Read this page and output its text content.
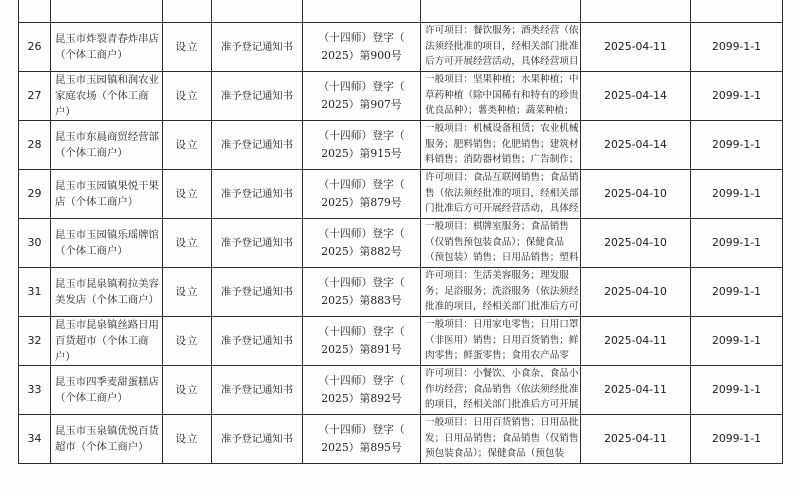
26	昆玉市炸裂青春炸串店
（个体工商户）	设立	准予登记通知书	（十四师）登字（
2025）第900号	许可项目：餐饮服务；酒类经营（依
法须经批准的项目，经相关部门批准
后方可开展经营活动，具体经营项目	2025-04-11	2099-1-1

27	昆玉市玉园镇和润农业
家庭农场（个体工商
户）	设立	准予登记通知书	（十四师）登字（
2025）第907号	一般项目：坚果种植；水果种植；中
草药种植（除中国稀有和特有的珍贵
优良品种）；薯类种植；蔬菜种植；	2025-04-14	2099-1-1

28	昆玉市东晨商贸经营部
（个体工商户）	设立	准予登记通知书	（十四师）登字（
2025）第915号	一般项目：机械设备租赁；农业机械
服务；肥料销售；化肥销售；建筑材
料销售；消防器材销售；广告制作；	2025-04-14	2099-1-1

29	昆玉市玉园镇果悦干果
店（个体工商户）	设立	准予登记通知书	（十四师）登字（
2025）第879号	许可项目：食品互联网销售；食品销
售（依法须经批准的项目，经相关部
门批准后方可开展经营活动，具体经	2025-04-10	2099-1-1

30	昆玉市玉园镇乐瑶牌馆
（个体工商户）	设立	准予登记通知书	（十四师）登字（
2025）第882号	一般项目：棋牌室服务；食品销售
（仅销售预包装食品）；保健食品
（预包装）销售；日用品销售；塑料	2025-04-10	2099-1-1

31	昆玉市昆泉镇莉拉美容
美发店（个体工商户）	设立	准予登记通知书	（十四师）登字（
2025）第883号	许可项目：生活美容服务；理发服
务；足浴服务；洗浴服务（依法须经
批准的项目，经相关部门批准后方可	2025-04-10	2099-1-1

32	昆玉市昆泉镇丝路日用
百货超市（个体工商
户）	设立	准予登记通知书	（十四师）登字（
2025）第891号	一般项目：日用家电零售；日用口罩
（非医用）销售；日用百货销售；鲜
肉零售；鲜蛋零售；食用农产品零	2025-04-11	2099-1-1

33	昆玉市四季麦甜蛋糕店
（个体工商户）	设立	准予登记通知书	（十四师）登字（
2025）第892号	许可项目：小餐饮、小食杂、食品小
作坊经营；食品销售（依法须经批准
的项目，经相关部门批准后方可开展	2025-04-11	2099-1-1

34	昆玉市玉泉镇优悦百货
超市（个体工商户）	设立	准予登记通知书	（十四师）登字（
2025）第895号	一般项目：日用百货销售；日用品批
发；日用品销售；食品销售（仅销售
预包装食品）；保健食品（预包装	2025-04-11	2099-1-1
